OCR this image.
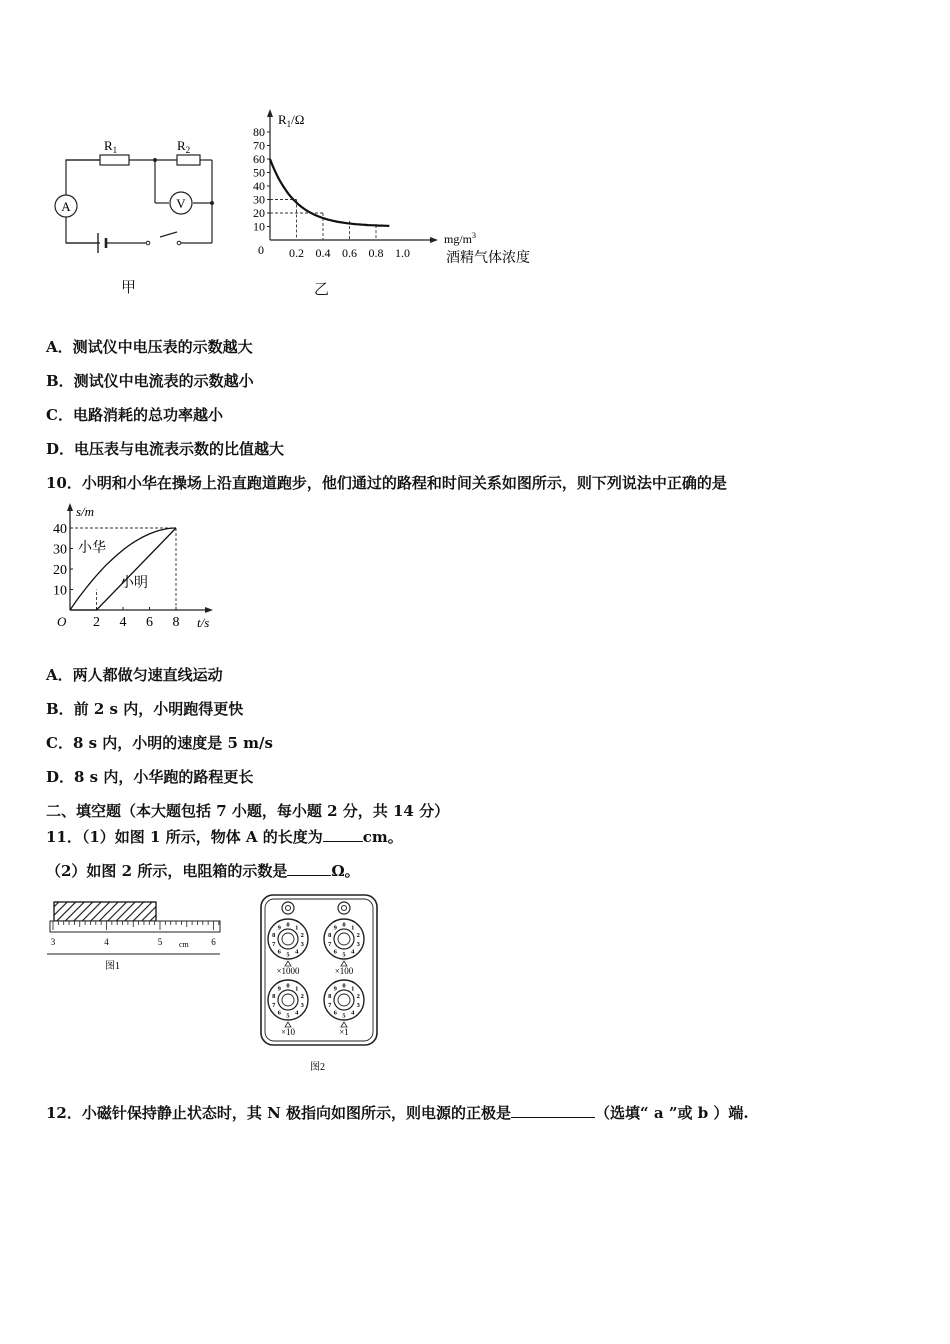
A	V
$R_1$	$R_2$
甲
80
70
60
50
40
30
20
10
0.2 0.4 0.6 0.8 1.0
$R_1/\Omega$
$mg/m^3$
酒精气体浓度
0
乙
A．测试仪中电压表的示数越大
B．测试仪中电流表的示数越小
C．电路消耗的总功率越小
D．电压表与电流表示数的比值越大
10．小明和小华在操场上沿直跑道跑步，他们通过的路程和时间关系如图所示，则下列说法中正确的是
40
30
20
10
2 4 6 8
s/m
t/s
O
小华
小明
A．两人都做匀速直线运动
B．前 2 s 内，小明跑得更快
C．8 s 内，小明的速度是 5 m/s
D．8 s 内，小华跑的路程更长
二、填空题（本大题包括 7 小题，每小题 2 分，共 14 分）
11．（1）如图 1 所示，物体 A 的长度为	cm。
（2）如图 2 所示，电阻箱的示数是	Ω。
3	4	5	6
cm
图1
0 1
2
3
4
5
6
7
8
9
×1000
0 1
2
3
4
5
6
7
8
9
×100
0 1
2
3
4
5
6
7
8
9
×10
0 1
2
3
4
5
6
7
8
9
×1
图2
12．小磁针保持静止状态时，其 N 极指向如图所示，则电源的正极是	（选填“ a ”或 b ）端.
